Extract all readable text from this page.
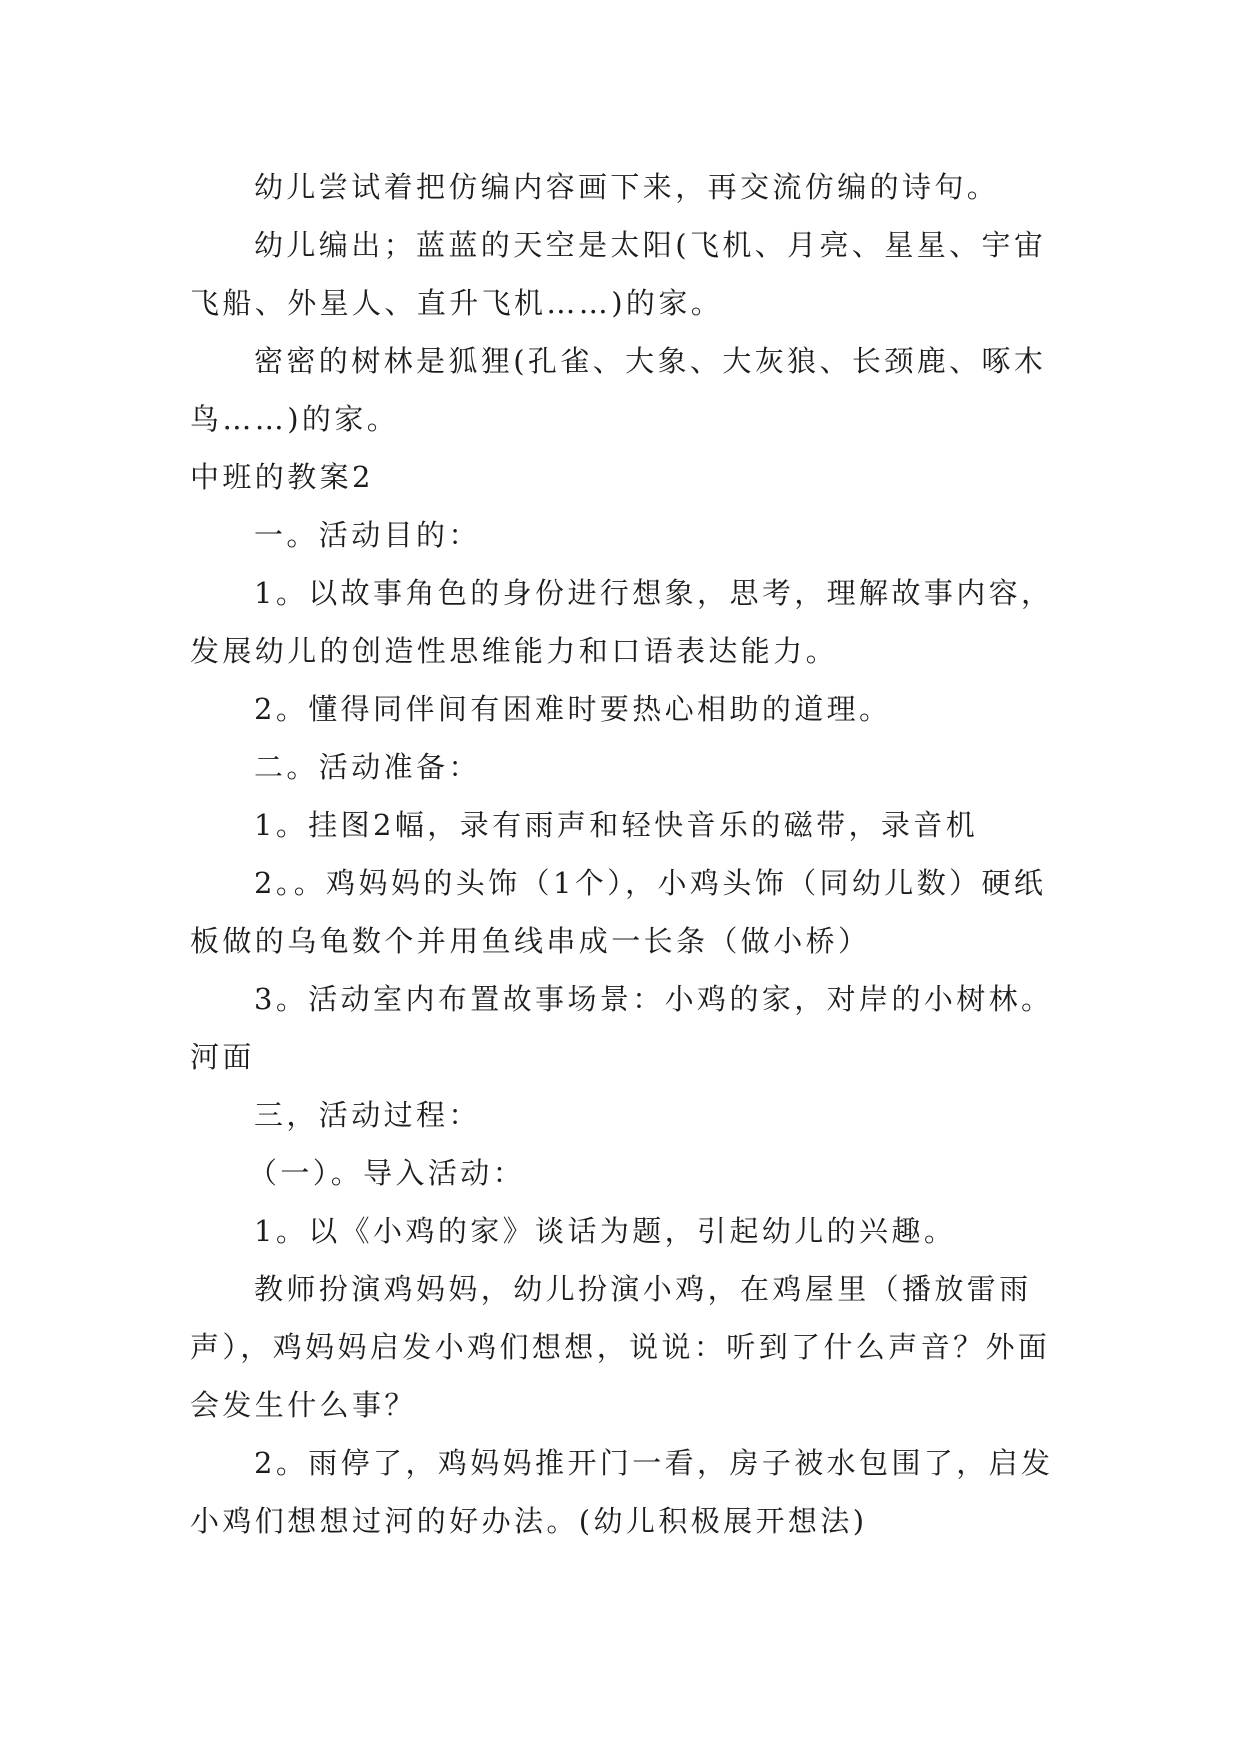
幼儿尝试着把仿编内容画下来，再交流仿编的诗句。

幼儿编出；蓝蓝的天空是太阳(飞机、月亮、星星、宇宙飞船、外星人、直升飞机……)的家。

密密的树林是狐狸(孔雀、大象、大灰狼、长颈鹿、啄木鸟……)的家。

中班的教案2

一。活动目的：

1。以故事角色的身份进行想象，思考，理解故事内容，发展幼儿的创造性思维能力和口语表达能力。

2。懂得同伴间有困难时要热心相助的道理。

二。活动准备：

1。挂图2幅，录有雨声和轻快音乐的磁带，录音机

2。。鸡妈妈的头饰（1个），小鸡头饰（同幼儿数）硬纸板做的乌龟数个并用鱼线串成一长条（做小桥）

3。活动室内布置故事场景：小鸡的家，对岸的小树林。河面

三，活动过程：

（一）。导入活动：

1。以《小鸡的家》谈话为题，引起幼儿的兴趣。

教师扮演鸡妈妈，幼儿扮演小鸡，在鸡屋里（播放雷雨声），鸡妈妈启发小鸡们想想，说说：听到了什么声音？外面会发生什么事？

2。雨停了，鸡妈妈推开门一看，房子被水包围了，启发小鸡们想想过河的好办法。(幼儿积极展开想法)
